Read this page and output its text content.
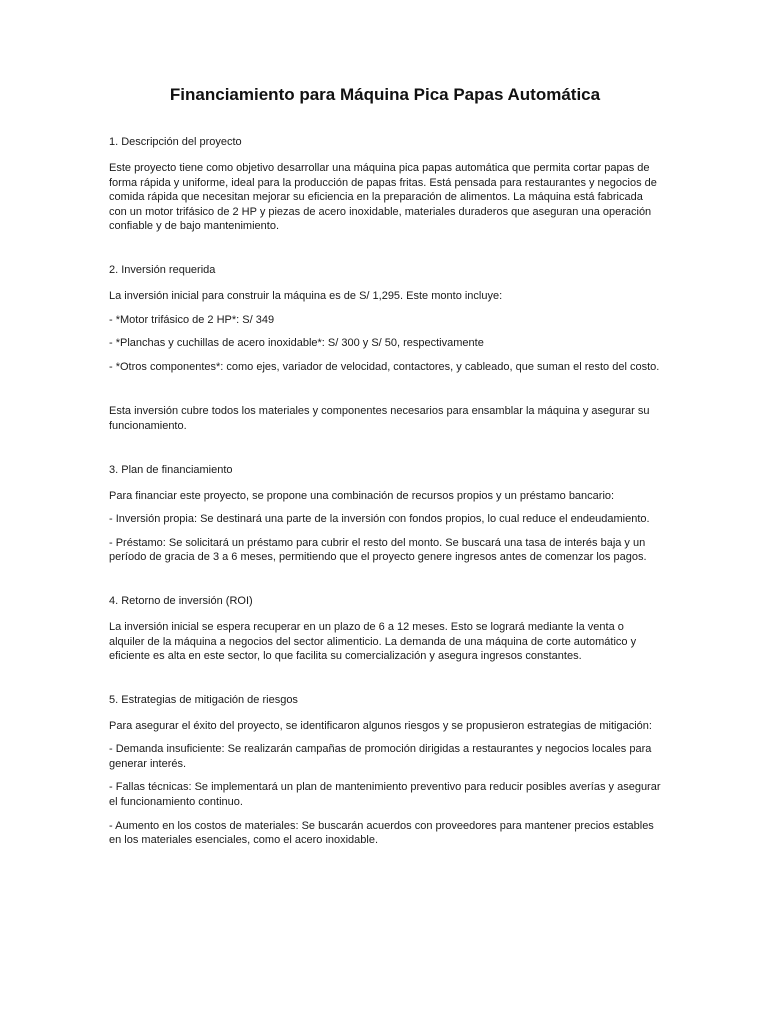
Financiamiento para Máquina Pica Papas Automática
1. Descripción del proyecto

Este proyecto tiene como objetivo desarrollar una máquina pica papas automática que permita cortar papas de forma rápida y uniforme, ideal para la producción de papas fritas. Está pensada para restaurantes y negocios de comida rápida que necesitan mejorar su eficiencia en la preparación de alimentos. La máquina está fabricada con un motor trifásico de 2 HP y piezas de acero inoxidable, materiales duraderos que aseguran una operación confiable y de bajo mantenimiento.

2. Inversión requerida

La inversión inicial para construir la máquina es de S/ 1,295. Este monto incluye:

- *Motor trifásico de 2 HP*: S/ 349

- *Planchas y cuchillas de acero inoxidable*: S/ 300 y S/ 50, respectivamente

- *Otros componentes*: como ejes, variador de velocidad, contactores, y cableado, que suman el resto del costo.

Esta inversión cubre todos los materiales y componentes necesarios para ensamblar la máquina y asegurar su funcionamiento.

3. Plan de financiamiento

Para financiar este proyecto, se propone una combinación de recursos propios y un préstamo bancario:

- Inversión propia: Se destinará una parte de la inversión con fondos propios, lo cual reduce el endeudamiento.

- Préstamo: Se solicitará un préstamo para cubrir el resto del monto. Se buscará una tasa de interés baja y un período de gracia de 3 a 6 meses, permitiendo que el proyecto genere ingresos antes de comenzar los pagos.

4. Retorno de inversión (ROI)

La inversión inicial se espera recuperar en un plazo de 6 a 12 meses. Esto se logrará mediante la venta o alquiler de la máquina a negocios del sector alimenticio. La demanda de una máquina de corte automático y eficiente es alta en este sector, lo que facilita su comercialización y asegura ingresos constantes.

5. Estrategias de mitigación de riesgos

Para asegurar el éxito del proyecto, se identificaron algunos riesgos y se propusieron estrategias de mitigación:

- Demanda insuficiente: Se realizarán campañas de promoción dirigidas a restaurantes y negocios locales para generar interés.

- Fallas técnicas: Se implementará un plan de mantenimiento preventivo para reducir posibles averías y asegurar el funcionamiento continuo.

- Aumento en los costos de materiales: Se buscarán acuerdos con proveedores para mantener precios estables en los materiales esenciales, como el acero inoxidable.
